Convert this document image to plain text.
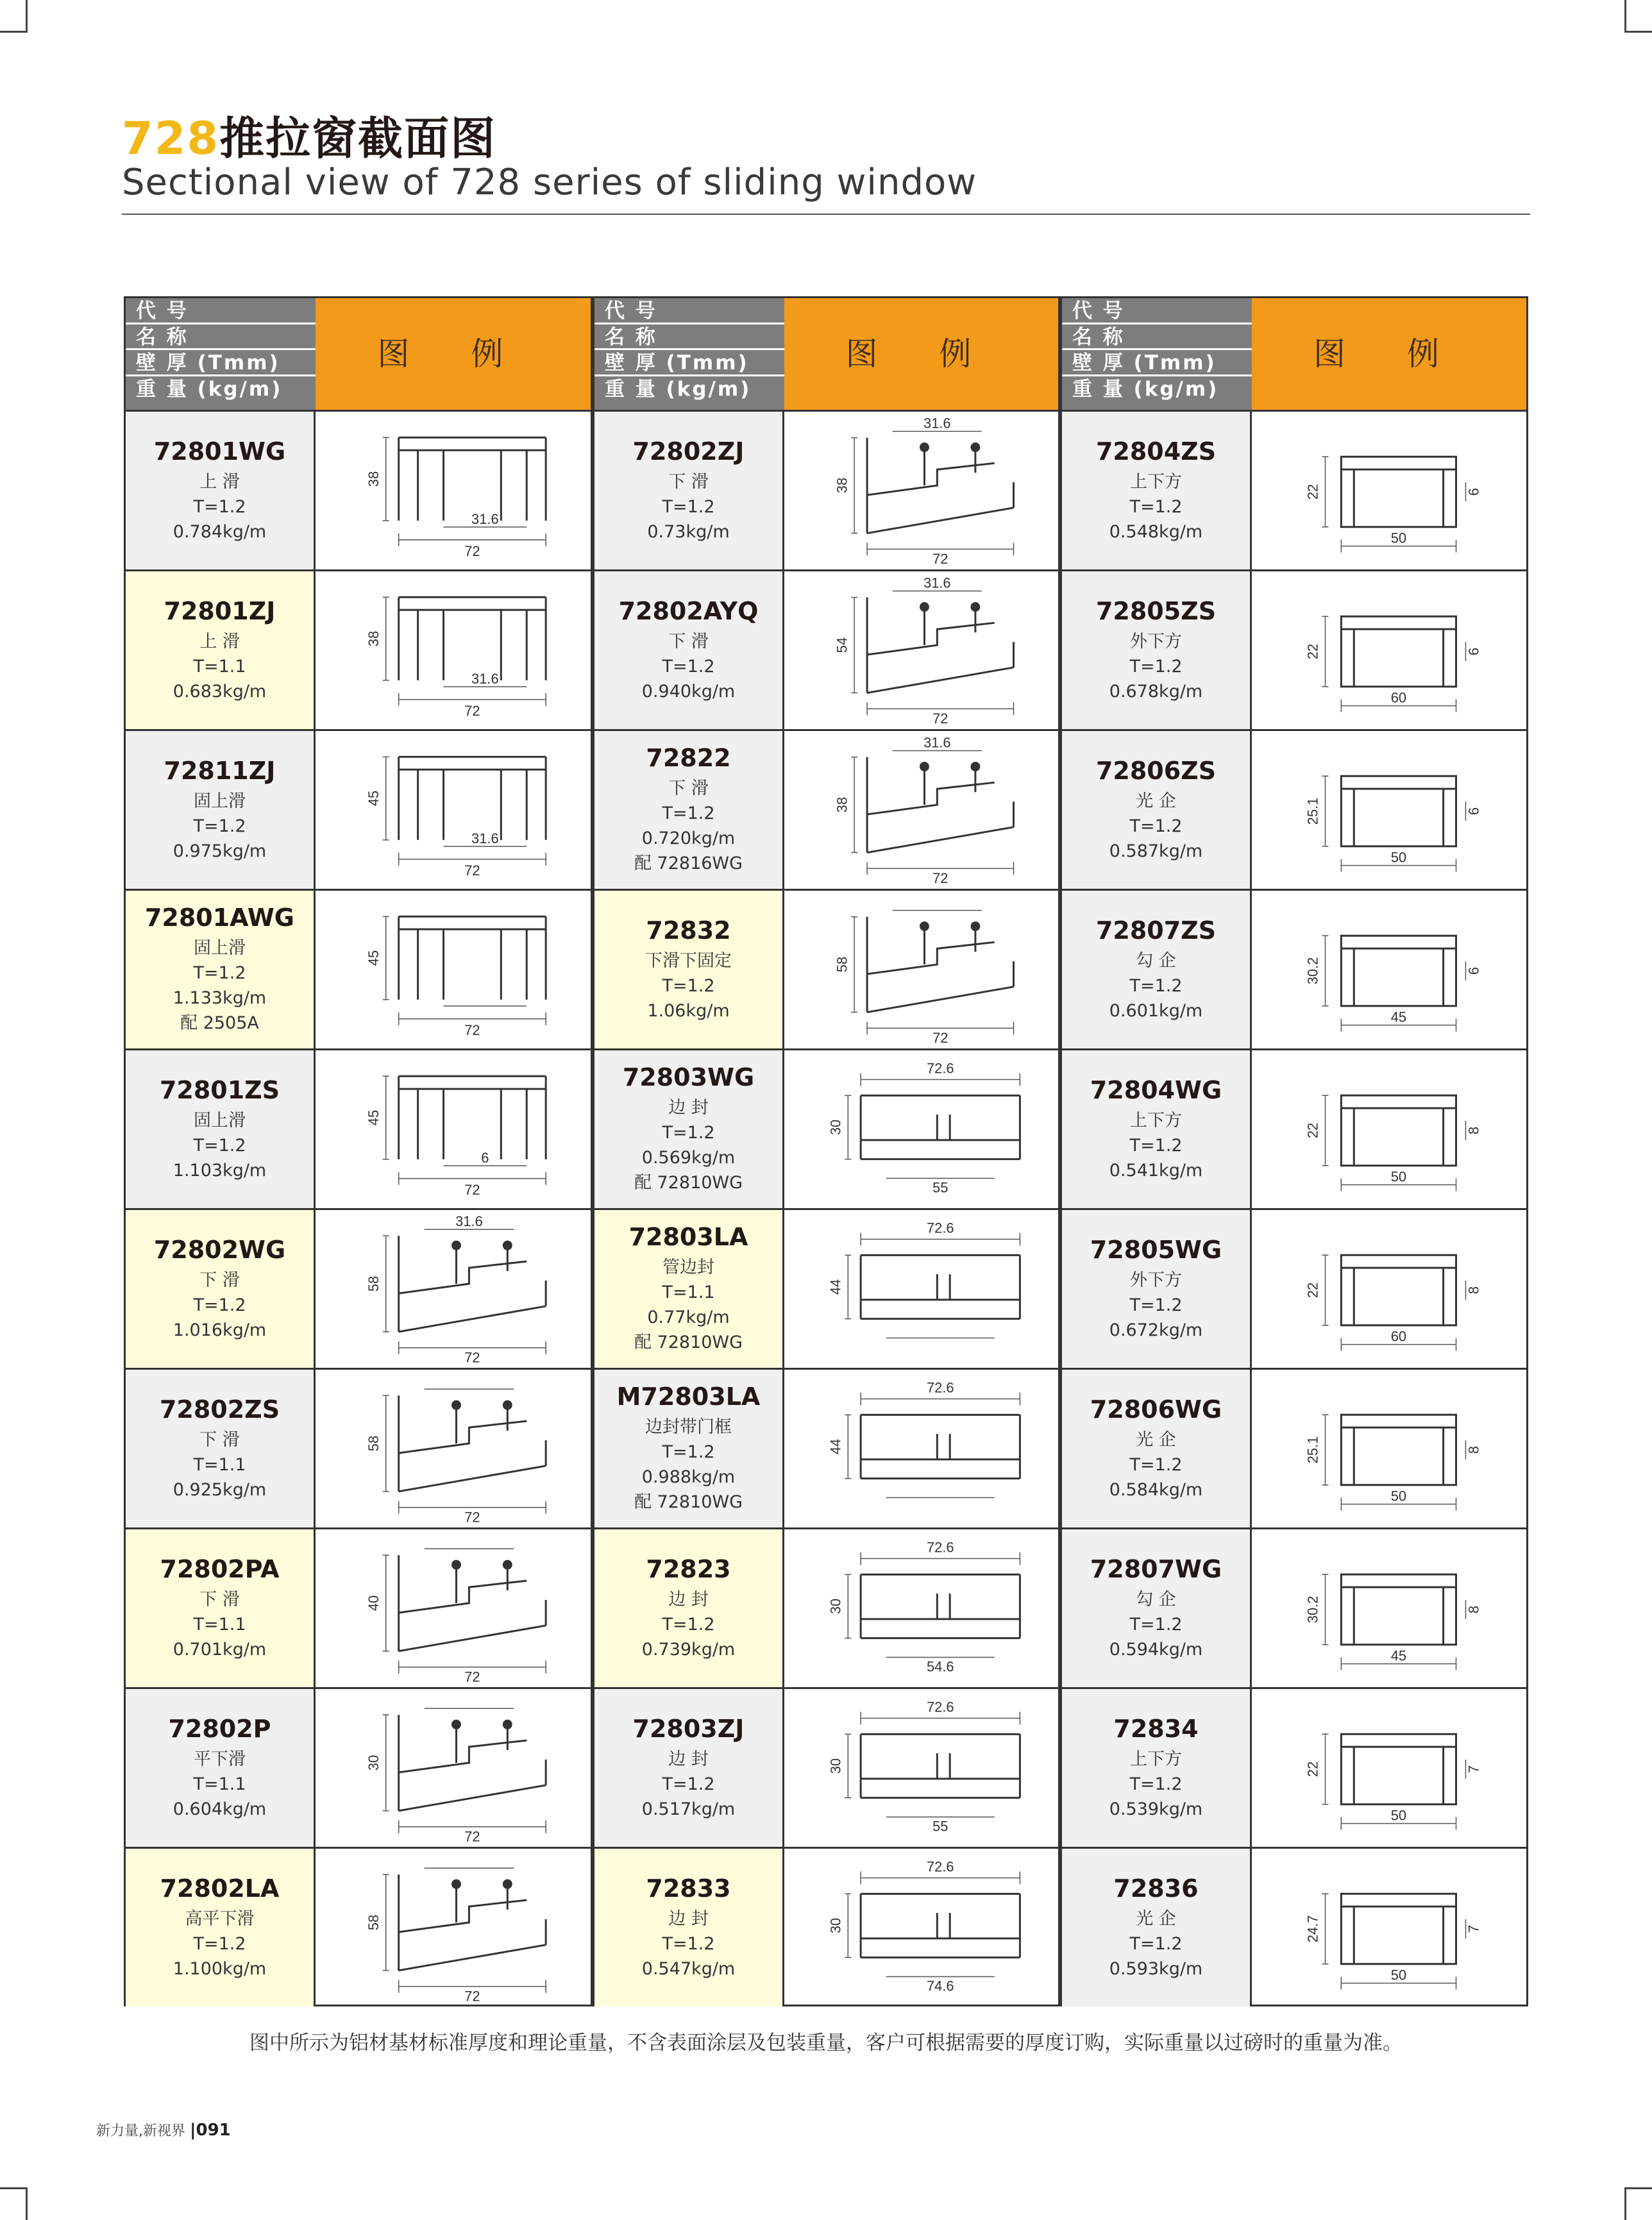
728推拉窗截面图
Sectional view of 728 series of sliding window
代 号
名 称
壁 厚 (Tmm)
重 量 (kg/m)
图 例
72801WG
上 滑
T=1.2
0.784kg/m
38
31.6
72
72801ZJ
上 滑
T=1.1
0.683kg/m
38
31.6
72
72811ZJ
固上滑
T=1.2
0.975kg/m
45
31.6
72
72801AWG
固上滑
T=1.2
1.133kg/m
配 2505A
45
72
72801ZS
固上滑
T=1.2
1.103kg/m
45
6
72
72802WG
下 滑
T=1.2
1.016kg/m
58
31.6
72
72802ZS
下 滑
T=1.1
0.925kg/m
58
72
72802PA
下 滑
T=1.1
0.701kg/m
40
72
72802P
平下滑
T=1.1
0.604kg/m
30
72
72802LA
高平下滑
T=1.2
1.100kg/m
58
72
代 号
名 称
壁 厚 (Tmm)
重 量 (kg/m)
图 例
72802ZJ
下 滑
T=1.2
0.73kg/m
38
31.6
72
72802AYQ
下 滑
T=1.2
0.940kg/m
54
31.6
72
72822
下 滑
T=1.2
0.720kg/m
配 72816WG
38
31.6
72
72832
下滑下固定
T=1.2
1.06kg/m
58
72
72803WG
边 封
T=1.2
0.569kg/m
配 72810WG
30
72.6
55
72803LA
管边封
T=1.1
0.77kg/m
配 72810WG
44
72.6
M72803LA
边封带门框
T=1.2
0.988kg/m
配 72810WG
44
72.6
72823
边 封
T=1.2
0.739kg/m
30
72.6
54.6
72803ZJ
边 封
T=1.2
0.517kg/m
30
72.6
55
72833
边 封
T=1.2
0.547kg/m
30
72.6
74.6
代 号
名 称
壁 厚 (Tmm)
重 量 (kg/m)
图 例
72804ZS
上下方
T=1.2
0.548kg/m
22
50
6
72805ZS
外下方
T=1.2
0.678kg/m
22
60
6
72806ZS
光 企
T=1.2
0.587kg/m
25.1
50
6
72807ZS
勾 企
T=1.2
0.601kg/m
30.2
45
6
72804WG
上下方
T=1.2
0.541kg/m
22
50
8
72805WG
外下方
T=1.2
0.672kg/m
22
60
8
72806WG
光 企
T=1.2
0.584kg/m
25.1
50
8
72807WG
勾 企
T=1.2
0.594kg/m
30.2
45
8
72834
上下方
T=1.2
0.539kg/m
22
50
7
72836
光 企
T=1.2
0.593kg/m
24.7
50
7
图中所示为铝材基材标准厚度和理论重量，不含表面涂层及包装重量，客户可根据需要的厚度订购，实际重量以过磅时的重量为准。
新力量,新视界 |091
